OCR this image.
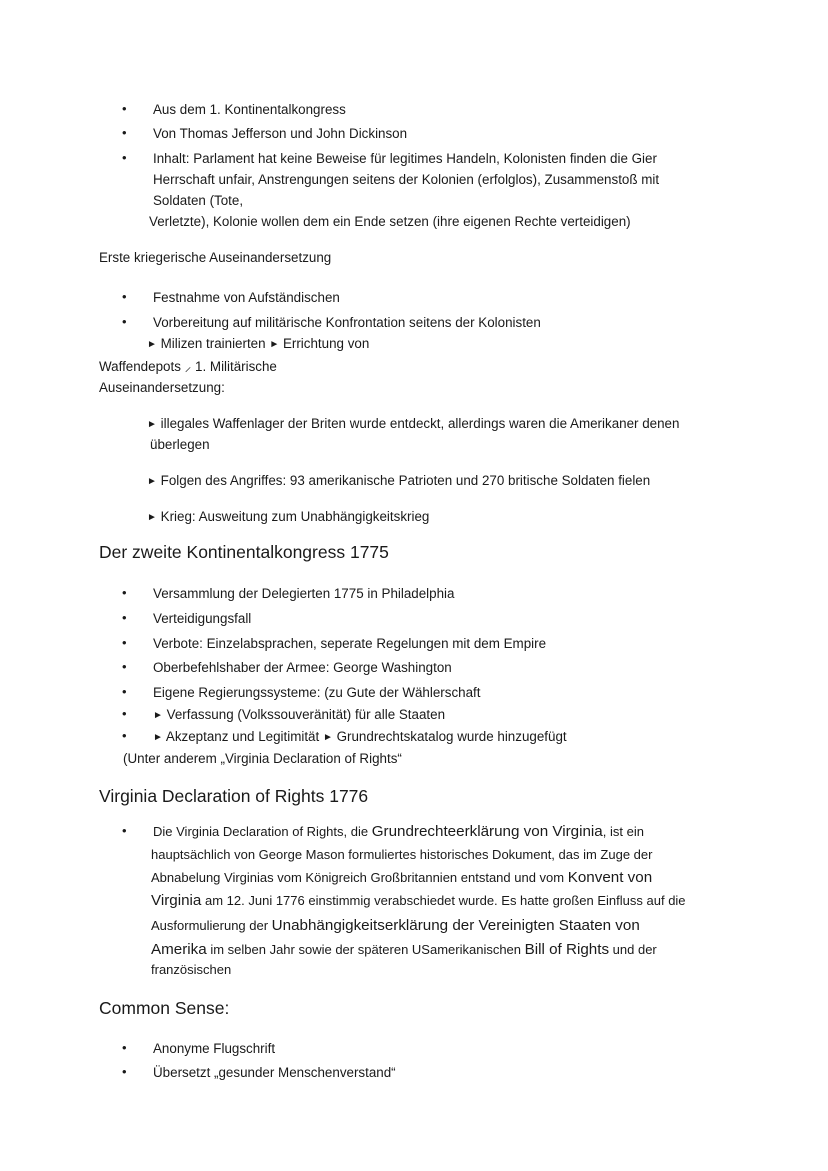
• Aus dem 1. Kontinentalkongress
• Von Thomas Jefferson und John Dickinson
• Inhalt: Parlament hat keine Beweise für legitimes Handeln, Kolonisten finden die Gier
Herrschaft unfair, Anstrengungen seitens der Kolonien (erfolglos), Zusammenstoß mit
Soldaten (Tote,
Verletzte), Kolonie wollen dem ein Ende setzen (ihre eigenen Rechte verteidigen)
Erste kriegerische Auseinandersetzung
• Festnahme von Aufständischen
• Vorbereitung auf militärische Konfrontation seitens der Kolonisten
► Milizen trainierten ► Errichtung von
Waffendepots ⸝ 1. Militärische
Auseinandersetzung:
► illegales Waffenlager der Briten wurde entdeckt, allerdings waren die Amerikaner denen
überlegen
► Folgen des Angriffes: 93 amerikanische Patrioten und 270 britische Soldaten fielen
► Krieg: Ausweitung zum Unabhängigkeitskrieg
Der zweite Kontinentalkongress 1775
• Versammlung der Delegierten 1775 in Philadelphia
• Verteidigungsfall
• Verbote: Einzelabsprachen, seperate Regelungen mit dem Empire
• Oberbefehlshaber der Armee: George Washington
• Eigene Regierungssysteme: (zu Gute der Wählerschaft
•	► Verfassung (Volkssouveränität) für alle Staaten
•	► Akzeptanz und Legitimität ► Grundrechtskatalog wurde hinzugefügt
(Unter anderem „Virginia Declaration of Rights“
Virginia Declaration of Rights 1776
• Die Virginia Declaration of Rights, die Grundrechteerklärung von Virginia, ist ein
hauptsächlich von George Mason formuliertes historisches Dokument, das im Zuge der
Abnabelung Virginias vom Königreich Großbritannien entstand und vom Konvent von
Virginia am 12. Juni 1776 einstimmig verabschiedet wurde. Es hatte großen Einfluss auf die
Ausformulierung der Unabhängigkeitserklärung der Vereinigten Staaten von
Amerika im selben Jahr sowie der späteren USamerikanischen Bill of Rights und der
französischen
Common Sense:
• Anonyme Flugschrift
• Übersetzt „gesunder Menschenverstand“
